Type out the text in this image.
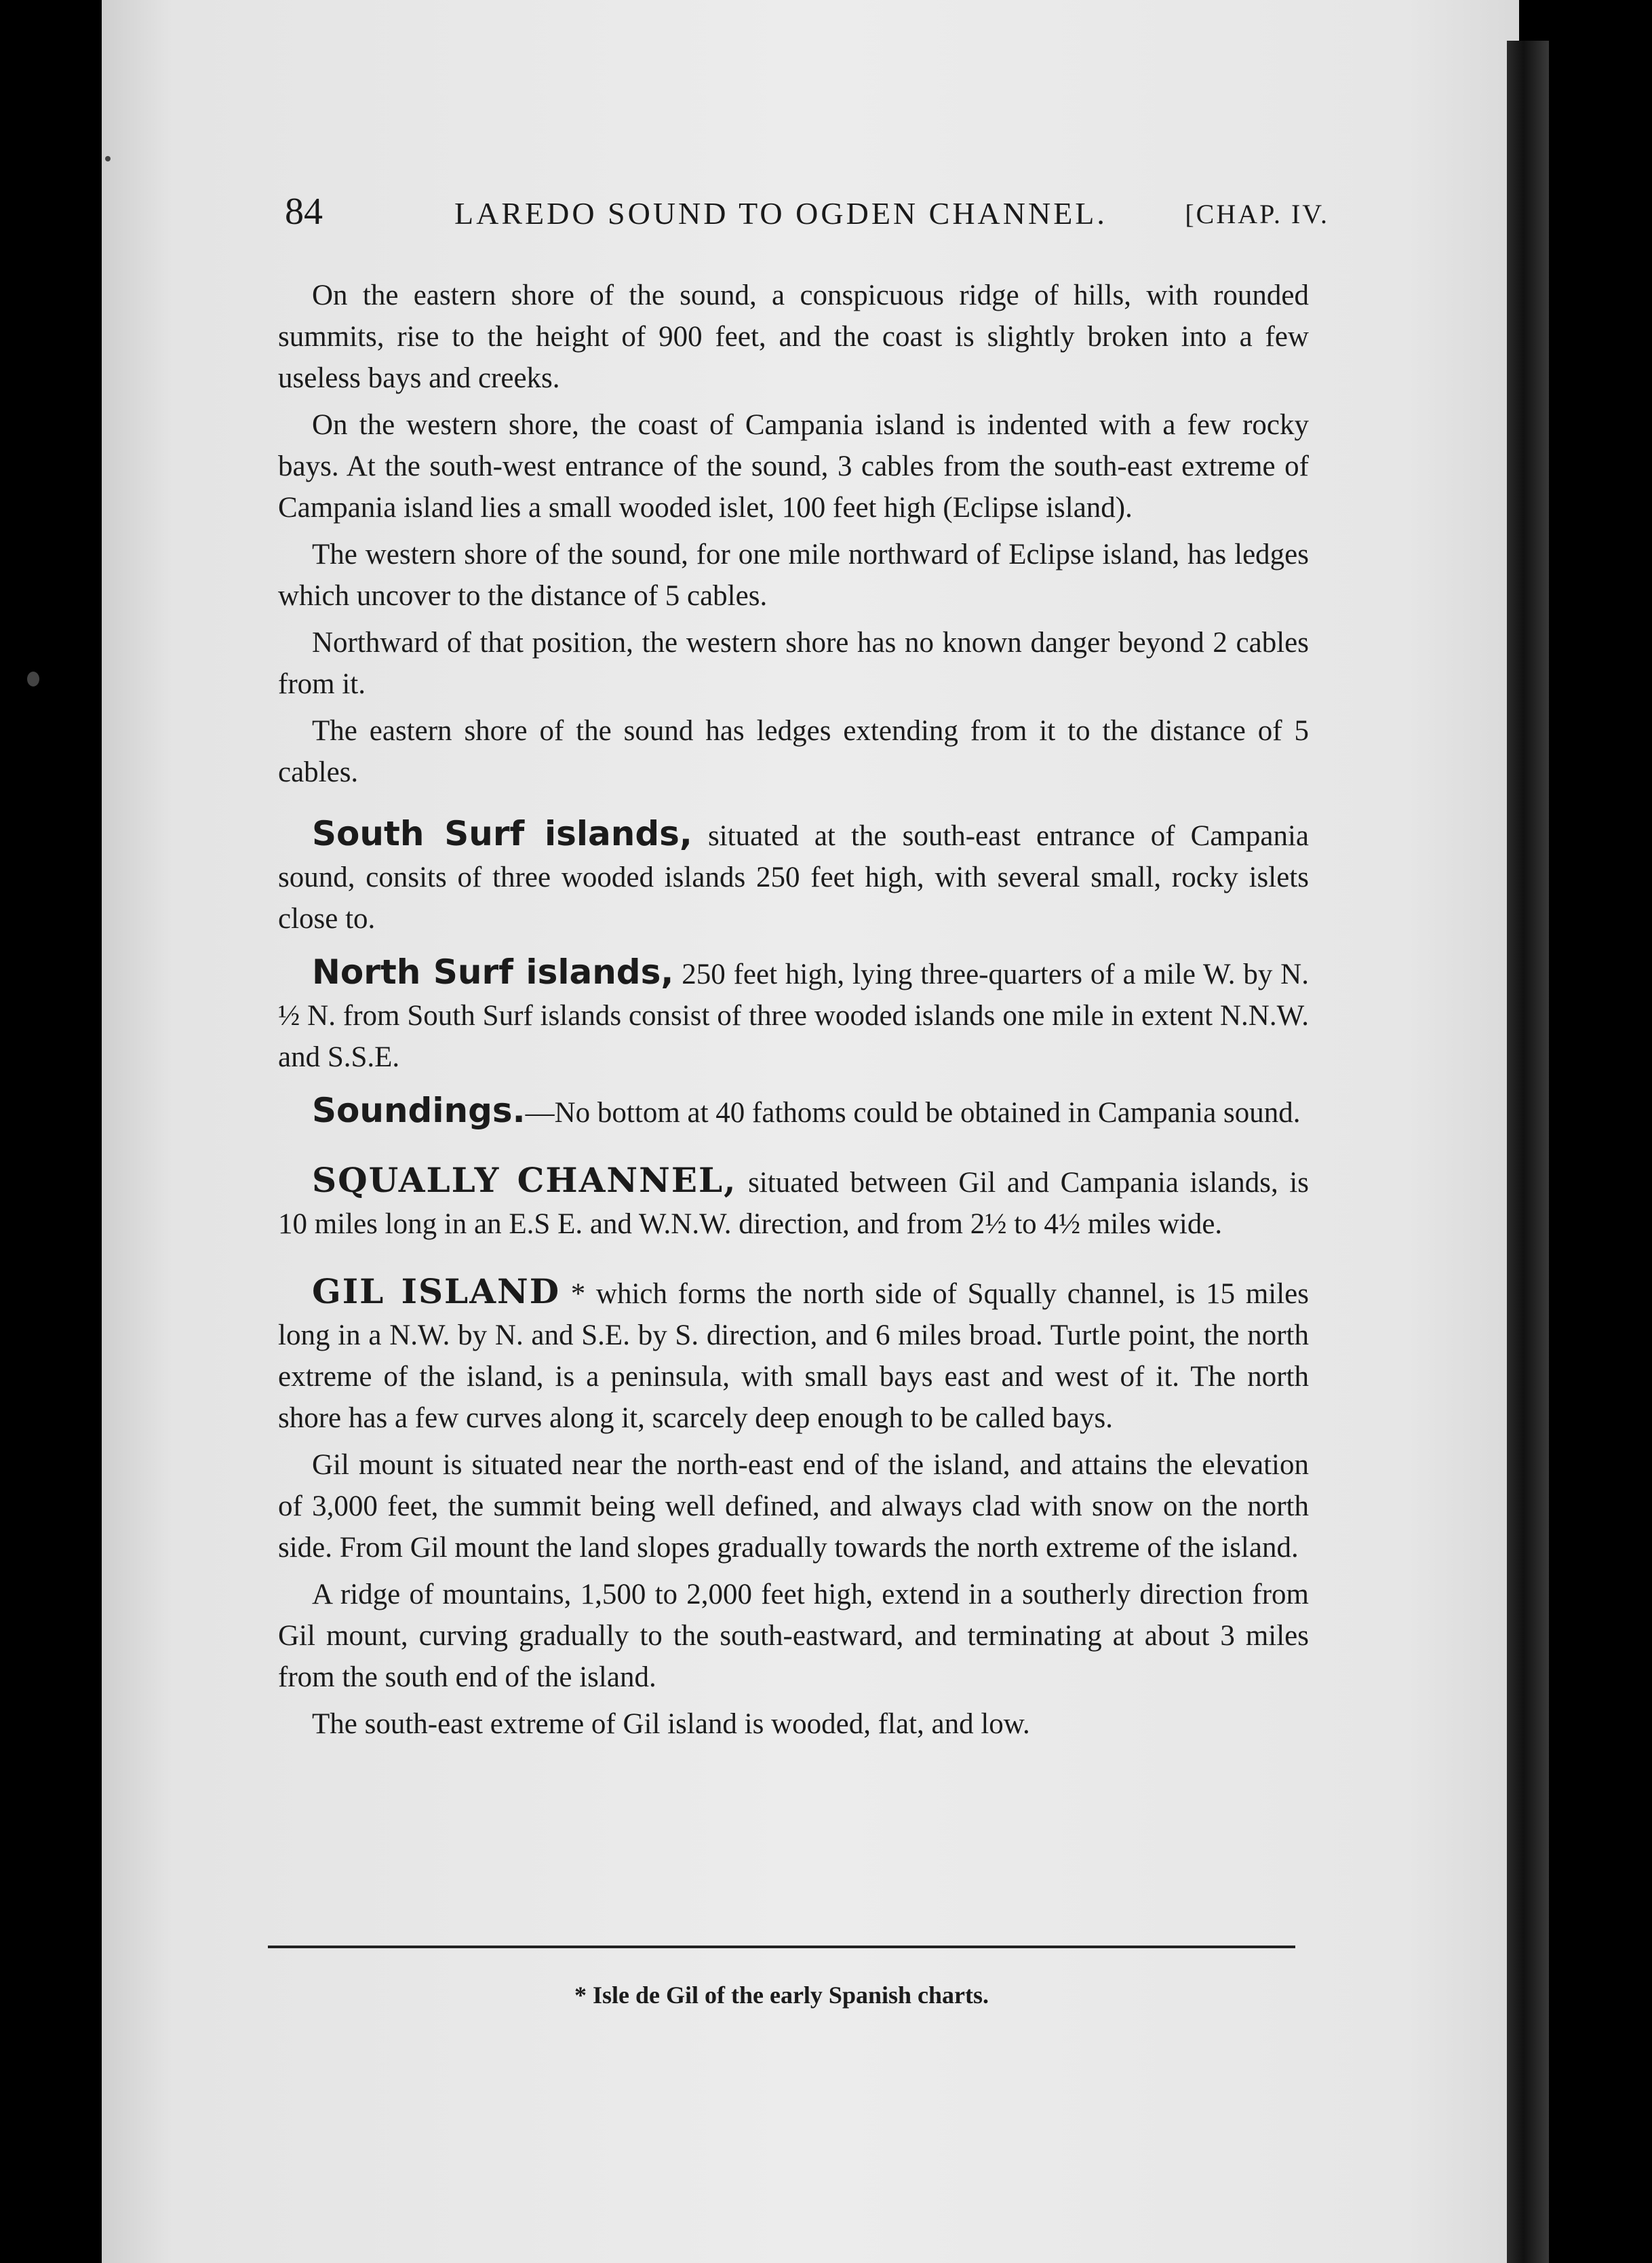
84	LAREDO SOUND TO OGDEN CHANNEL.	[CHAP. IV.

On the eastern shore of the sound, a conspicuous ridge of hills, with rounded summits, rise to the height of 900 feet, and the coast is slightly broken into a few useless bays and creeks.

On the western shore, the coast of Campania island is indented with a few rocky bays. At the south-west entrance of the sound, 3 cables from the south-east extreme of Campania island lies a small wooded islet, 100 feet high (Eclipse island).

The western shore of the sound, for one mile northward of Eclipse island, has ledges which uncover to the distance of 5 cables.

Northward of that position, the western shore has no known danger beyond 2 cables from it.

The eastern shore of the sound has ledges extending from it to the distance of 5 cables.

South Surf islands, situated at the south-east entrance of Campania sound, consits of three wooded islands 250 feet high, with several small, rocky islets close to.

North Surf islands, 250 feet high, lying three-quarters of a mile W. by N. ½ N. from South Surf islands consist of three wooded islands one mile in extent N.N.W. and S.S.E.

Soundings.—No bottom at 40 fathoms could be obtained in Campania sound.

SQUALLY CHANNEL, situated between Gil and Campania islands, is 10 miles long in an E.S E. and W.N.W. direction, and from 2½ to 4½ miles wide.

GIL ISLAND * which forms the north side of Squally channel, is 15 miles long in a N.W. by N. and S.E. by S. direction, and 6 miles broad. Turtle point, the north extreme of the island, is a peninsula, with small bays east and west of it. The north shore has a few curves along it, scarcely deep enough to be called bays.

Gil mount is situated near the north-east end of the island, and attains the elevation of 3,000 feet, the summit being well defined, and always clad with snow on the north side. From Gil mount the land slopes gradually towards the north extreme of the island.

A ridge of mountains, 1,500 to 2,000 feet high, extend in a southerly direction from Gil mount, curving gradually to the south-eastward, and terminating at about 3 miles from the south end of the island.

The south-east extreme of Gil island is wooded, flat, and low.

* Isle de Gil of the early Spanish charts.
